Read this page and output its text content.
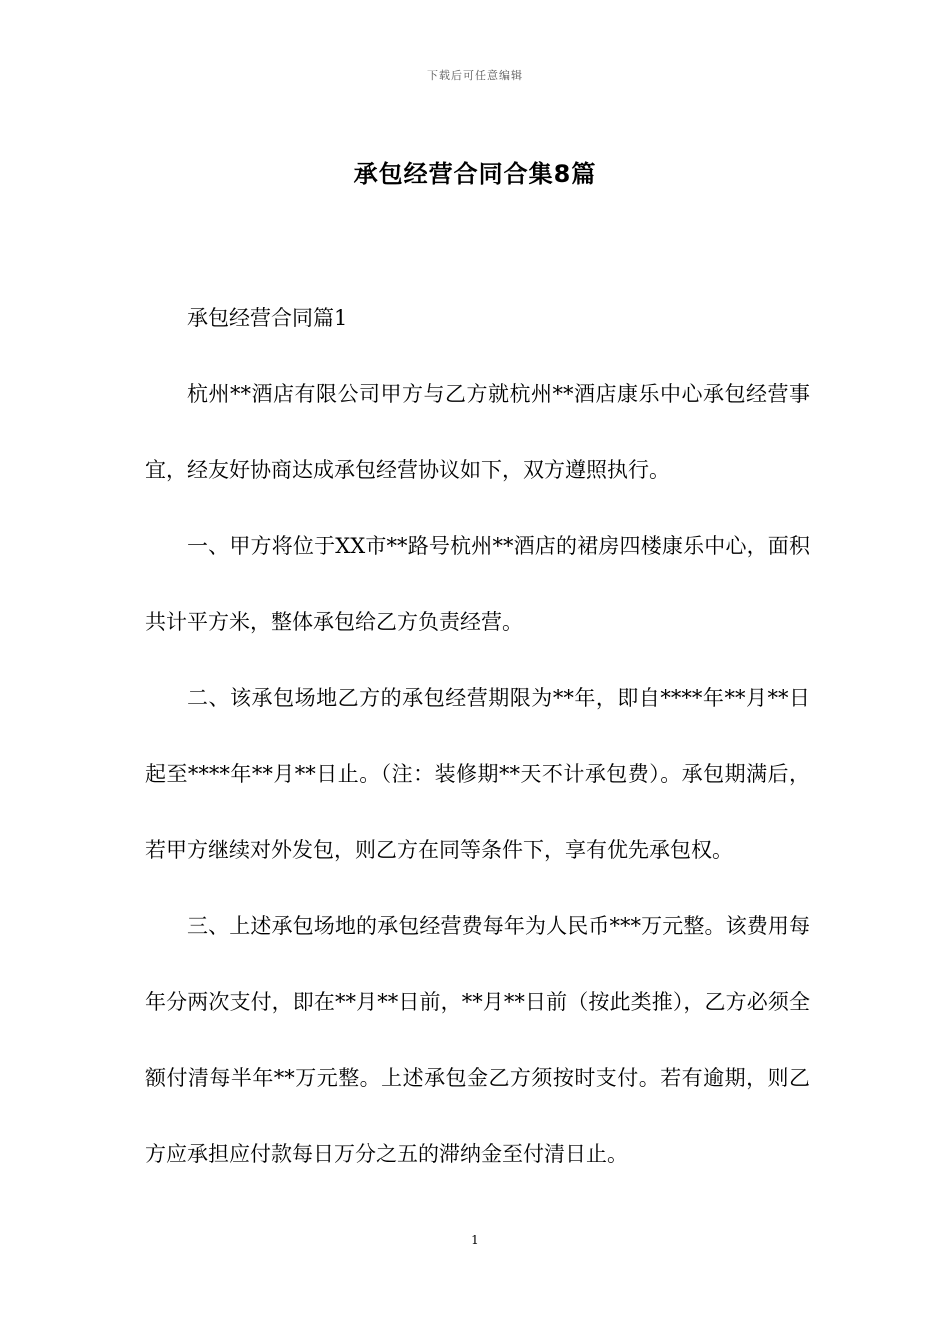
下载后可任意编辑
承包经营合同合集8篇

承包经营合同篇1

杭州**酒店有限公司甲方与乙方就杭州**酒店康乐中心承包经营事宜，经友好协商达成承包经营协议如下，双方遵照执行。

一、甲方将位于XX市**路号杭州**酒店的裙房四楼康乐中心，面积共计平方米，整体承包给乙方负责经营。

二、该承包场地乙方的承包经营期限为**年，即自****年**月**日起至****年**月**日止。（注：装修期**天不计承包费）。承包期满后，若甲方继续对外发包，则乙方在同等条件下，享有优先承包权。

三、上述承包场地的承包经营费每年为人民币***万元整。该费用每年分两次支付，即在**月**日前，**月**日前（按此类推），乙方必须全额付清每半年**万元整。上述承包金乙方须按时支付。若有逾期，则乙方应承担应付款每日万分之五的滞纳金至付清日止。

1
